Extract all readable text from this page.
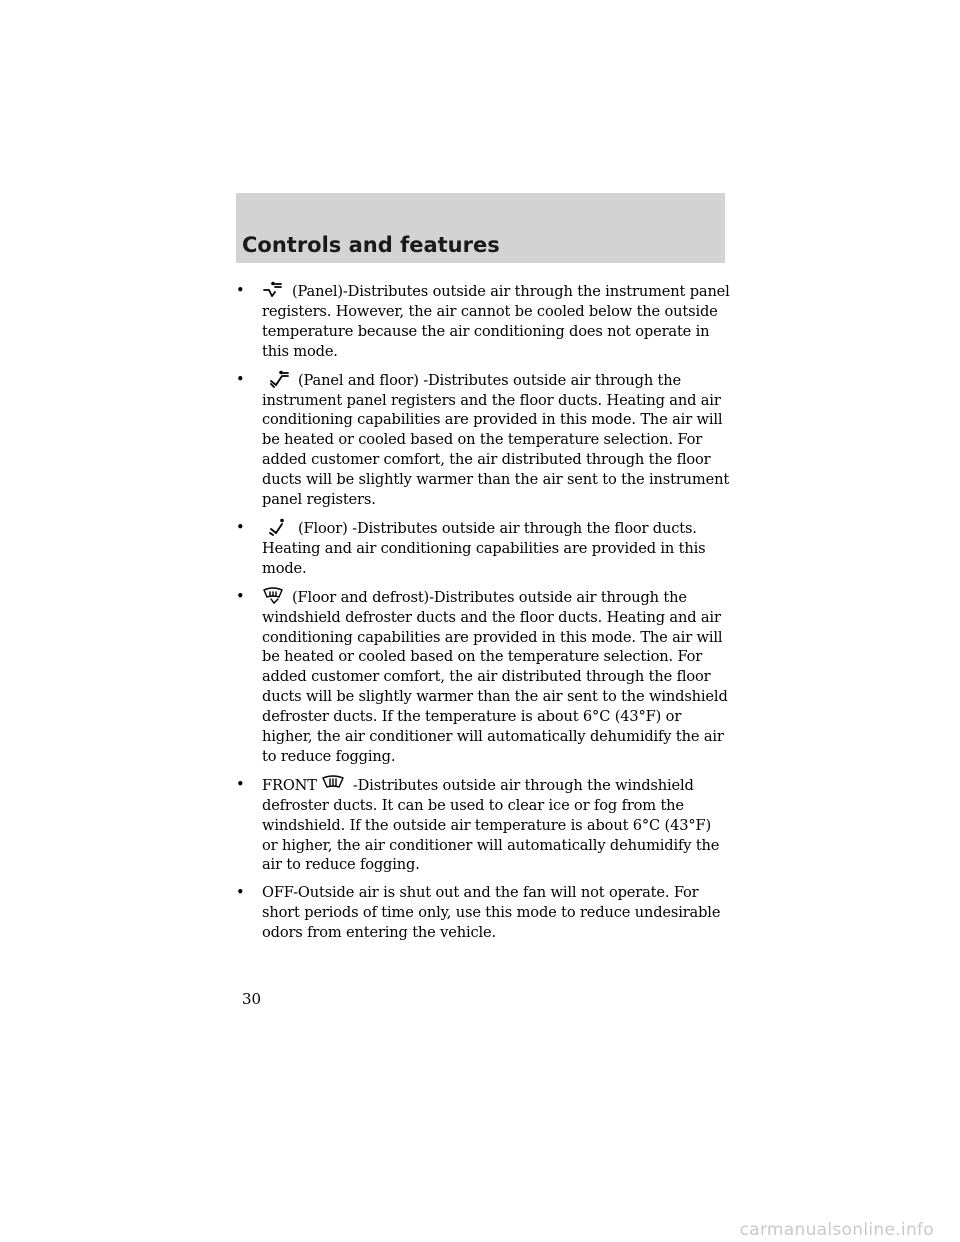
Controls and features
•	(Panel)-Distributes outside air through the instrument panel registers. However, the air cannot be cooled below the outside temperature because the air conditioning does not operate in this mode.
•	(Panel and floor) -Distributes outside air through the instrument panel registers and the floor ducts. Heating and air conditioning capabilities are provided in this mode. The air will be heated or cooled based on the temperature selection. For added customer comfort, the air distributed through the floor ducts will be slightly warmer than the air sent to the instrument panel registers.
•	(Floor) -Distributes outside air through the floor ducts. Heating and air conditioning capabilities are provided in this mode.
•	(Floor and defrost)-Distributes outside air through the windshield defroster ducts and the floor ducts. Heating and air conditioning capabilities are provided in this mode. The air will be heated or cooled based on the temperature selection. For added customer comfort, the air distributed through the floor ducts will be slightly warmer than the air sent to the windshield defroster ducts. If the temperature is about 6°C (43°F) or higher, the air conditioner will automatically dehumidify the air to reduce fogging.
• FRONT -Distributes outside air through the windshield defroster ducts. It can be used to clear ice or fog from the windshield. If the outside air temperature is about 6°C (43°F) or higher, the air conditioner will automatically dehumidify the air to reduce fogging.
• OFF-Outside air is shut out and the fan will not operate. For short periods of time only, use this mode to reduce undesirable odors from entering the vehicle.
30
carmanualsonline.info
